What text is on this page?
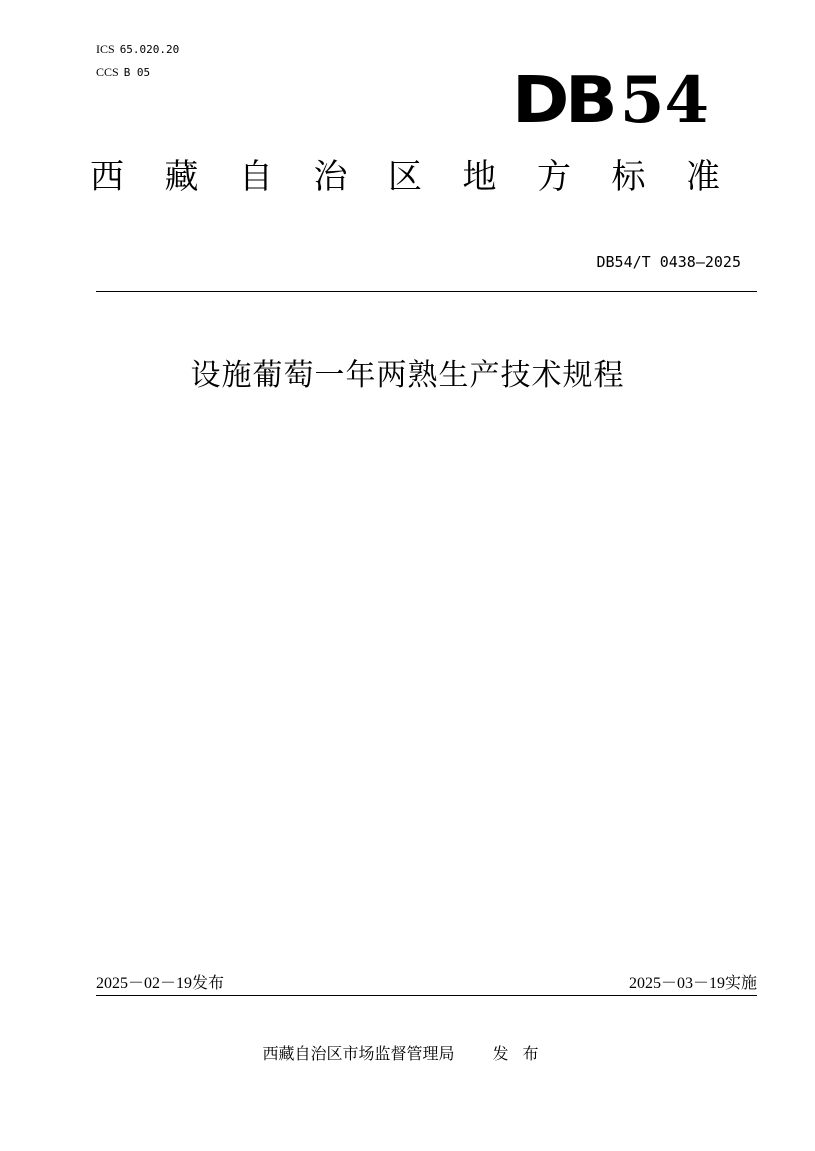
ICS 65.020.20
CCS B 05	DB 54
西 藏 自 治 区 地 方 标 准
DB54/T 0438—2025
设施葡萄一年两熟生产技术规程
2025－02－19发布	2025－03－19实施
西藏自治区市场监督管理局 发布
